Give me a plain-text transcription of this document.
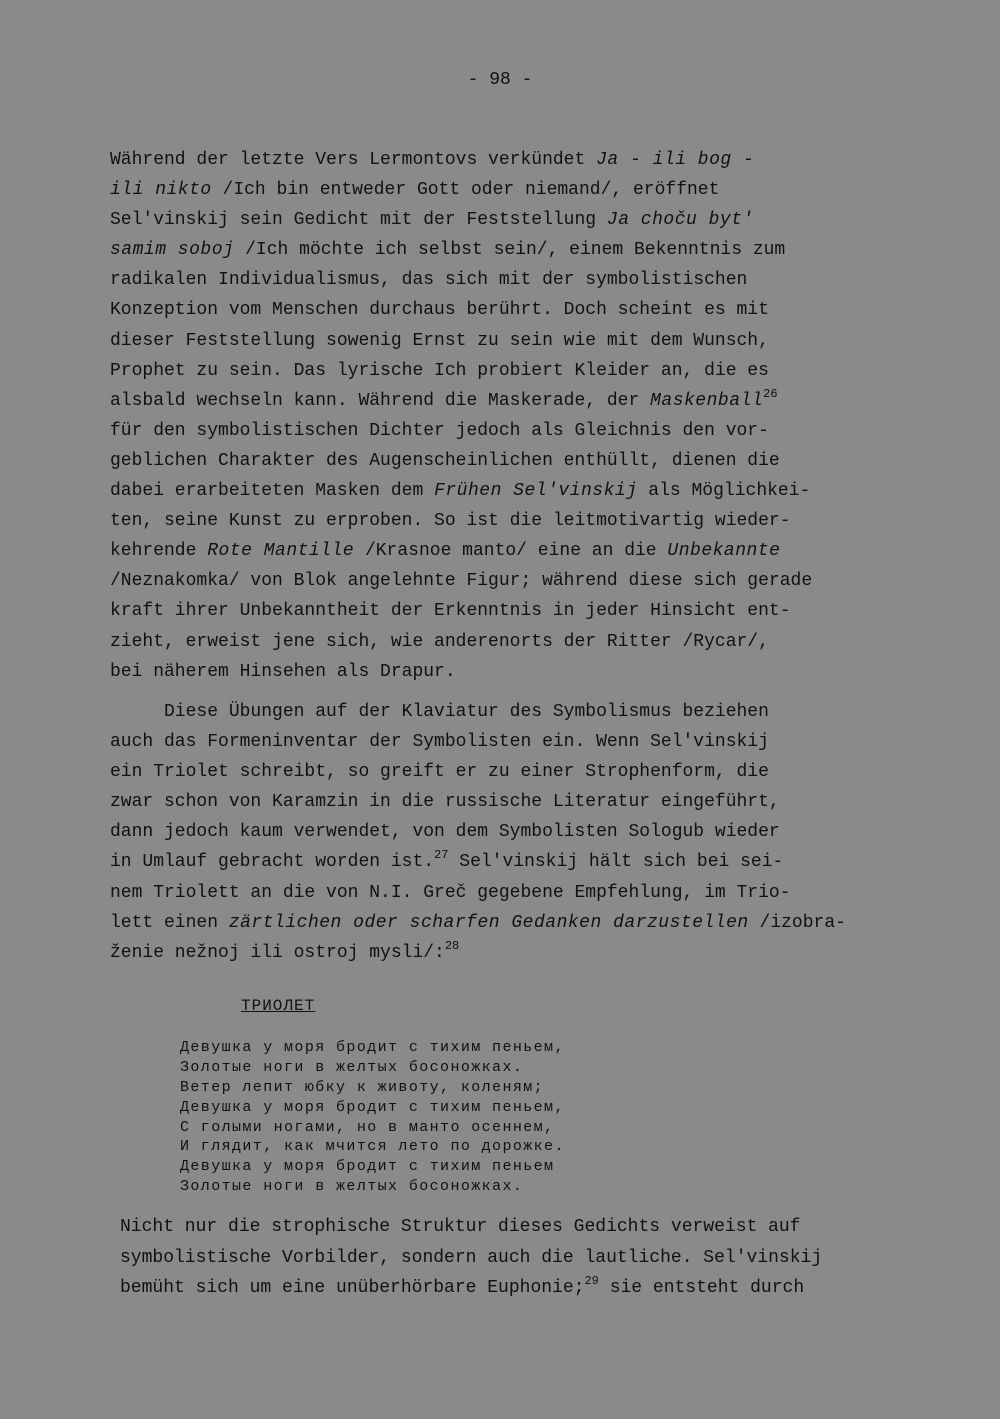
- 98 -
Während der letzte Vers Lermontovs verkündet Ja - ili bog -
ili nikto /Ich bin entweder Gott oder niemand/, eröffnet
Sel'vinskij sein Gedicht mit der Feststellung Ja choču byt'
samim soboj /Ich möchte ich selbst sein/, einem Bekenntnis zum
radikalen Individualismus, das sich mit der symbolistischen
Konzeption vom Menschen durchaus berührt. Doch scheint es mit
dieser Feststellung sowenig Ernst zu sein wie mit dem Wunsch,
Prophet zu sein. Das lyrische Ich probiert Kleider an, die es
alsbald wechseln kann. Während die Maskerade, der Maskenball$^{26}$
für den symbolistischen Dichter jedoch als Gleichnis den vor-
geblichen Charakter des Augenscheinlichen enthüllt, dienen die
dabei erarbeiteten Masken dem Frühen Sel'vinskij als Möglichkei-
ten, seine Kunst zu erproben. So ist die leitmotivartig wieder-
kehrende Rote Mantille /Krasnoe manto/ eine an die Unbekannte
/Neznakomka/ von Blok angelehnte Figur; während diese sich gerade
kraft ihrer Unbekanntheit der Erkenntnis in jeder Hinsicht ent-
zieht, erweist jene sich, wie anderenorts der Ritter /Rycar/,
bei näherem Hinsehen als Drapur.
Diese Übungen auf der Klaviatur des Symbolismus beziehen
auch das Formeninventar der Symbolisten ein. Wenn Sel'vinskij
ein Triolet schreibt, so greift er zu einer Strophenform, die
zwar schon von Karamzin in die russische Literatur eingeführt,
dann jedoch kaum verwendet, von dem Symbolisten Sologub wieder
in Umlauf gebracht worden ist.$^{27}$ Sel'vinskij hält sich bei sei-
nem Triolett an die von N.I. Greč gegebene Empfehlung, im Trio-
lett einen zärtlichen oder scharfen Gedanken darzustellen /izobra-
ženie nežnoj ili ostroj mysli/:$^{28}$
ТРИОЛЕТ
Девушка у моря бродит с тихим пеньем,
Золотые ноги в желтых босоножках.
Ветер лепит юбку к животу, коленям;
Девушка у моря бродит с тихим пеньем,
С голыми ногами, но в манто осеннем,
И глядит, как мчится лето по дорожке.
Девушка у моря бродит с тихим пеньем
Золотые ноги в желтых босоножках.
Nicht nur die strophische Struktur dieses Gedichts verweist auf
symbolistische Vorbilder, sondern auch die lautliche. Sel'vinskij
bemüht sich um eine unüberhörbare Euphonie;$^{29}$ sie entsteht durch
